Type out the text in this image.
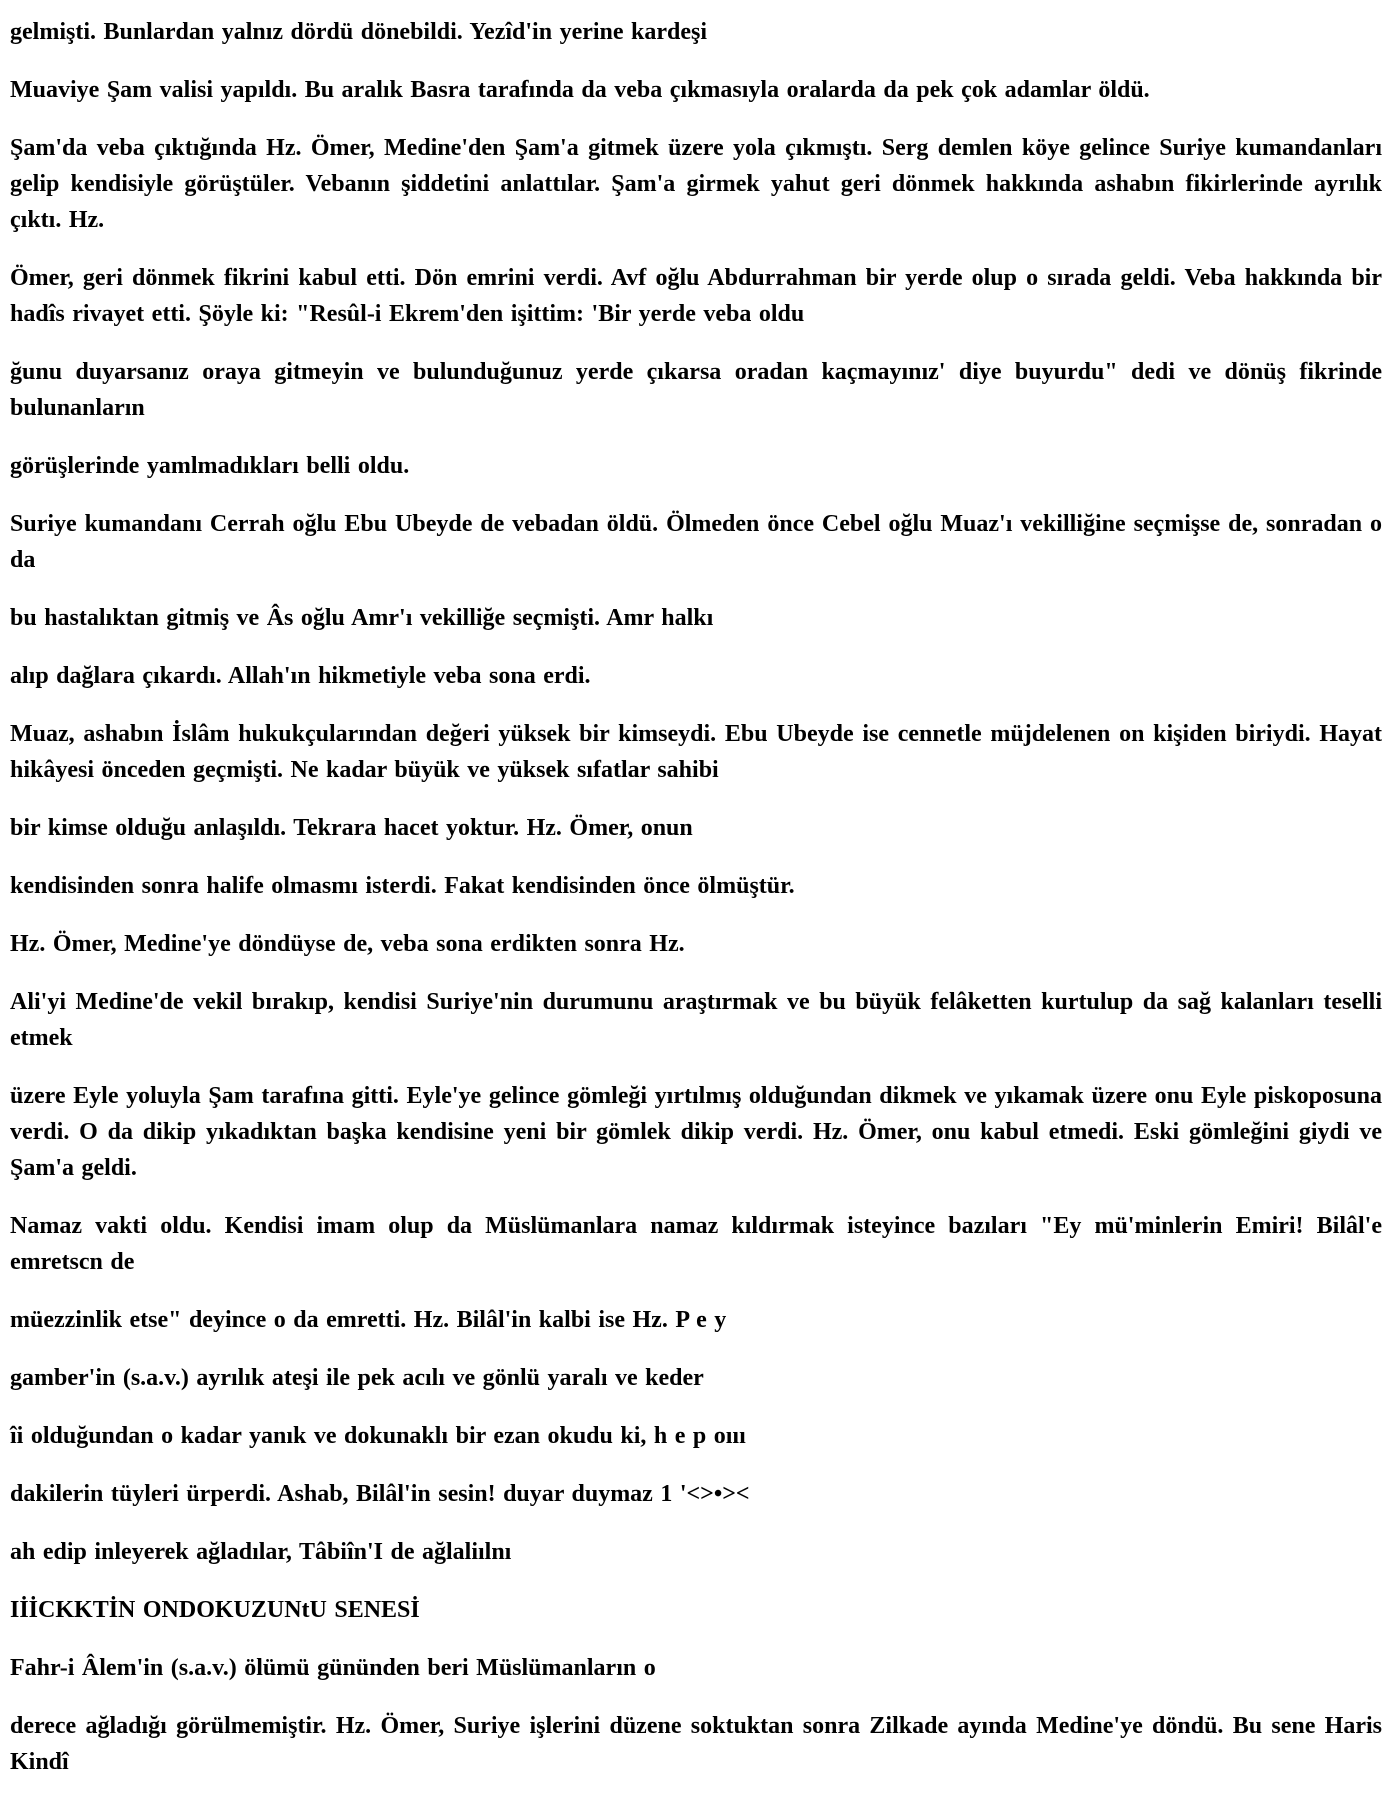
gelmişti. Bunlardan yalnız dördü dönebildi. Yezîd'in yerine kardeşi

Muaviye Şam valisi yapıldı. Bu aralık Basra tarafında da veba çıkmasıyla oralarda da pek çok adamlar öldü.

Şam'da veba çıktığında Hz. Ömer, Medine'den Şam'a gitmek üzere yola çıkmıştı. Serg demlen köye gelince Suriye kumandanları gelip kendisiyle görüştüler. Vebanın şiddetini anlattılar. Şam'a girmek yahut geri dönmek hakkında ashabın fikirlerinde ayrılık çıktı. Hz.

Ömer, geri dönmek fikrini kabul etti. Dön emrini verdi. Avf oğlu Abdurrahman bir yerde olup o sırada geldi. Veba hakkında bir hadîs rivayet etti. Şöyle ki: "Resûl-i Ekrem'den işittim: 'Bir yerde veba oldu

ğunu duyarsanız oraya gitmeyin ve bulunduğunuz yerde çıkarsa oradan kaçmayınız' diye buyurdu" dedi ve dönüş fikrinde bulunanların

görüşlerinde yamlmadıkları belli oldu.

Suriye kumandanı Cerrah oğlu Ebu Ubeyde de vebadan öldü. Ölmeden önce Cebel oğlu Muaz'ı vekilliğine seçmişse de, sonradan o da

bu hastalıktan gitmiş ve Âs oğlu Amr'ı vekilliğe seçmişti. Amr halkı

alıp dağlara çıkardı. Allah'ın hikmetiyle veba sona erdi.

Muaz, ashabın İslâm hukukçularından değeri yüksek bir kimseydi. Ebu Ubeyde ise cennetle müjdelenen on kişiden biriydi. Hayat hikâyesi önceden geçmişti. Ne kadar büyük ve yüksek sıfatlar sahibi

bir kimse olduğu anlaşıldı. Tekrara hacet yoktur. Hz. Ömer, onun

kendisinden sonra halife olmasmı isterdi. Fakat kendisinden önce ölmüştür.

Hz. Ömer, Medine'ye döndüyse de, veba sona erdikten sonra Hz.

Ali'yi Medine'de vekil bırakıp, kendisi Suriye'nin durumunu araştırmak ve bu büyük felâketten kurtulup da sağ kalanları teselli etmek

üzere Eyle yoluyla Şam tarafına gitti. Eyle'ye gelince gömleği yırtılmış olduğundan dikmek ve yıkamak üzere onu Eyle piskoposuna verdi. O da dikip yıkadıktan başka kendisine yeni bir gömlek dikip verdi. Hz. Ömer, onu kabul etmedi. Eski gömleğini giydi ve Şam'a geldi.

Namaz vakti oldu. Kendisi imam olup da Müslümanlara namaz kıldırmak isteyince bazıları "Ey mü'minlerin Emiri! Bilâl'e emretscn de

müezzinlik etse" deyince o da emretti. Hz. Bilâl'in kalbi ise Hz. P e y

gamber'in (s.a.v.) ayrılık ateşi ile pek acılı ve gönlü yaralı ve keder

îi olduğundan o kadar yanık ve dokunaklı bir ezan okudu ki, h e p oııı

dakilerin tüyleri ürperdi. Ashab, Bilâl'in sesin! duyar duymaz 1 '<>•><

ah edip inleyerek ağladılar, Tâbiîn'I de ağlaliılnı

IİİCKKTİN ONDOKUZUNtU SENESİ

Fahr-i Âlem'in (s.a.v.) ölümü gününden beri Müslümanların o

derece ağladığı görülmemiştir. Hz. Ömer, Suriye işlerini düzene soktuktan sonra Zilkade ayında Medine'ye döndü. Bu sene Haris Kindî
